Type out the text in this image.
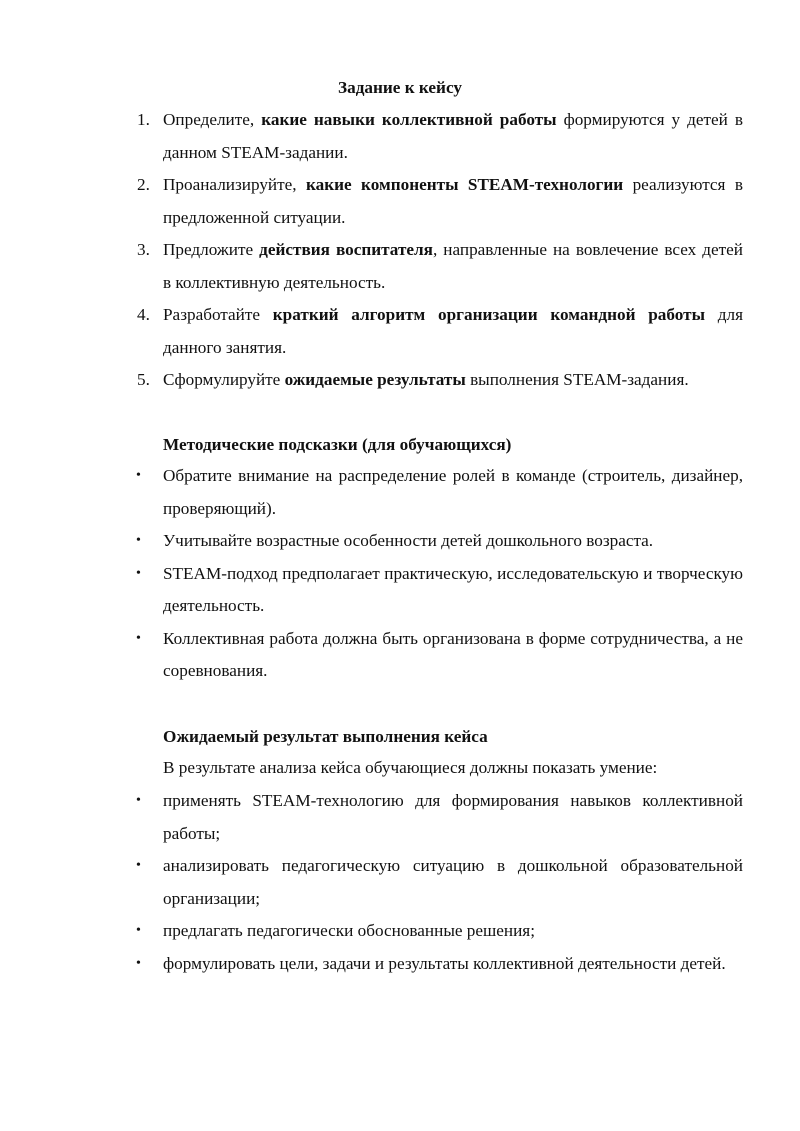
Задание к кейсу
1. Определите, какие навыки коллективной работы формируются у детей в данном STEAM-задании.
2. Проанализируйте, какие компоненты STEAM-технологии реализуются в предложенной ситуации.
3. Предложите действия воспитателя, направленные на вовлечение всех детей в коллективную деятельность.
4. Разработайте краткий алгоритм организации командной работы для данного занятия.
5. Сформулируйте ожидаемые результаты выполнения STEAM-задания.
Методические подсказки (для обучающихся)
• Обратите внимание на распределение ролей в команде (строитель, дизайнер, проверяющий).
• Учитывайте возрастные особенности детей дошкольного возраста.
• STEAM-подход предполагает практическую, исследовательскую и творческую деятельность.
• Коллективная работа должна быть организована в форме сотрудничества, а не соревнования.
Ожидаемый результат выполнения кейса
В результате анализа кейса обучающиеся должны показать умение:
• применять STEAM-технологию для формирования навыков коллективной работы;
• анализировать педагогическую ситуацию в дошкольной образовательной организации;
• предлагать педагогически обоснованные решения;
• формулировать цели, задачи и результаты коллективной деятельности детей.
